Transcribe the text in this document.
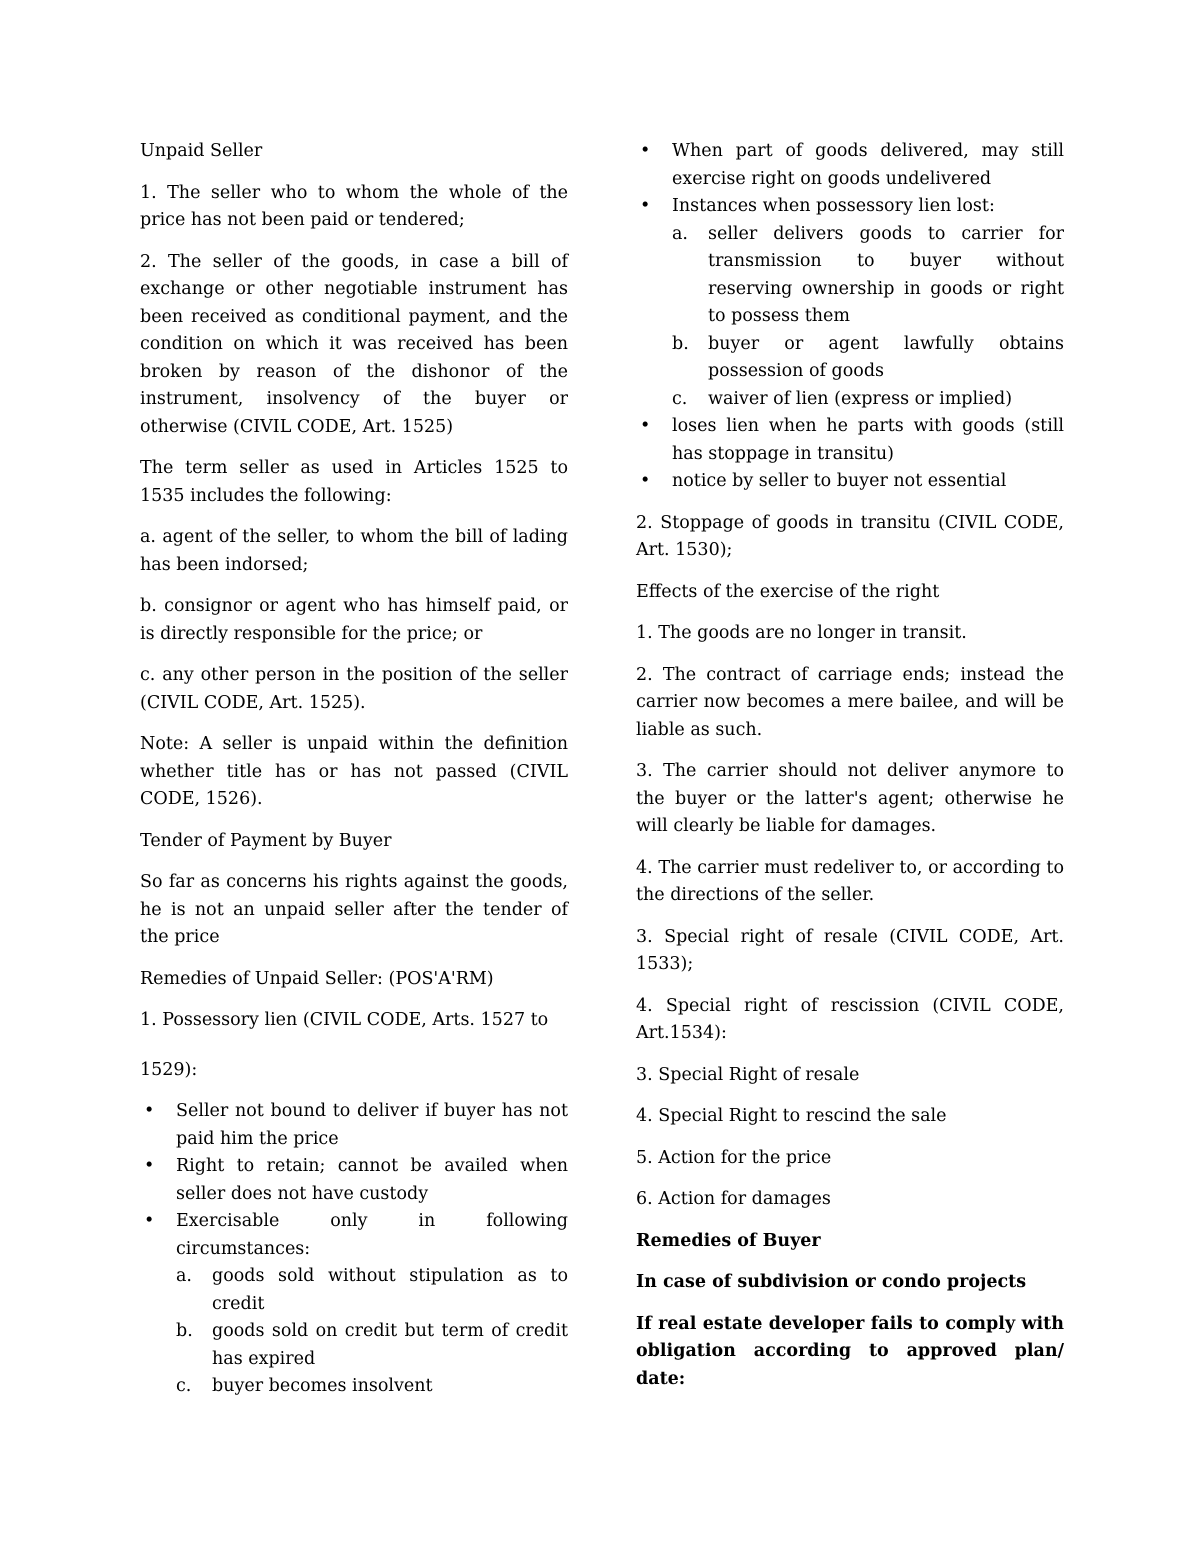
Unpaid Seller

1. The seller who to whom the whole of the price has not been paid or tendered;

2. The seller of the goods, in case a bill of exchange or other negotiable instrument has been received as conditional payment, and the condition on which it was received has been broken by reason of the dishonor of the instrument, insolvency of the buyer or otherwise (CIVIL CODE, Art. 1525)

The term seller as used in Articles 1525 to 1535 includes the following:

a. agent of the seller, to whom the bill of lading has been indorsed;

b. consignor or agent who has himself paid, or is directly responsible for the price; or

c. any other person in the position of the seller (CIVIL CODE, Art. 1525).

Note: A seller is unpaid within the definition whether title has or has not passed (CIVIL CODE, 1526).

Tender of Payment by Buyer

So far as concerns his rights against the goods, he is not an unpaid seller after the tender of the price

Remedies of Unpaid Seller: (POS'A'RM)

1. Possessory lien (CIVIL CODE, Arts. 1527 to

1529):

• Seller not bound to deliver if buyer has not paid him the price
• Right to retain; cannot be availed when seller does not have custody
• Exercisable only in following circumstances:
a. goods sold without stipulation as to credit
b. goods sold on credit but term of credit has expired
c. buyer becomes insolvent
• When part of goods delivered, may still exercise right on goods undelivered
• Instances when possessory lien lost:
a. seller delivers goods to carrier for transmission to buyer without reserving ownership in goods or right to possess them
b. buyer or agent lawfully obtains possession of goods
c. waiver of lien (express or implied)
• loses lien when he parts with goods (still has stoppage in transitu)
• notice by seller to buyer not essential

2. Stoppage of goods in transitu (CIVIL CODE, Art. 1530);

Effects of the exercise of the right

1. The goods are no longer in transit.

2. The contract of carriage ends; instead the carrier now becomes a mere bailee, and will be liable as such.

3. The carrier should not deliver anymore to the buyer or the latter's agent; otherwise he will clearly be liable for damages.

4. The carrier must redeliver to, or according to the directions of the seller.

3. Special right of resale (CIVIL CODE, Art. 1533);

4. Special right of rescission (CIVIL CODE, Art.1534):

3. Special Right of resale

4. Special Right to rescind the sale

5. Action for the price

6. Action for damages

Remedies of Buyer

In case of subdivision or condo projects

If real estate developer fails to comply with obligation according to approved plan/ date:
